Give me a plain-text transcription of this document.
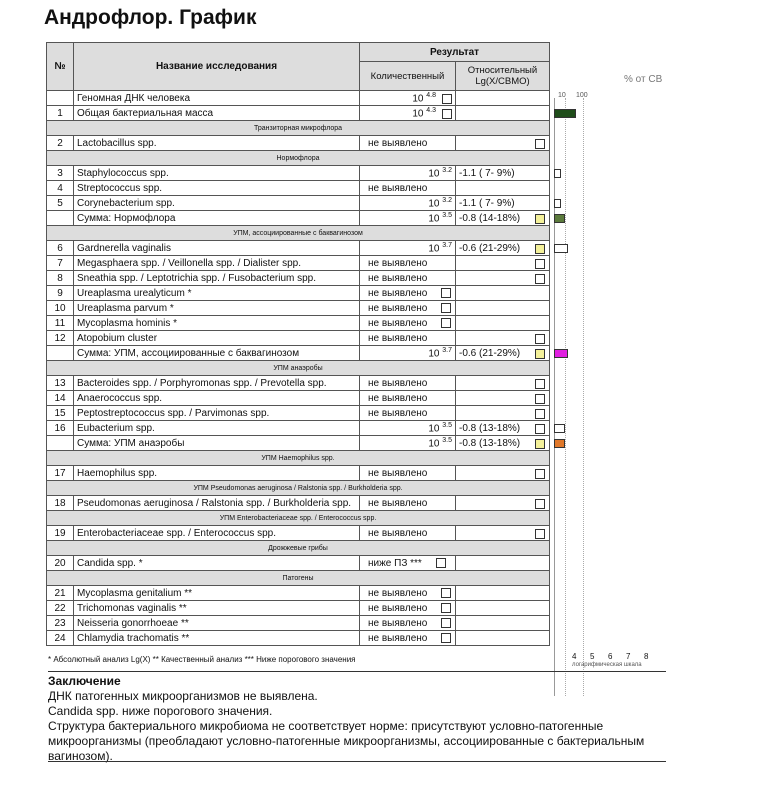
Андрофлор. График
№	Название исследования	Результат	
		Количественный	Относительный Lg(X/СВМО)
	Геномная ДНК человека	10 $^{4.8}$	
1	Общая бактериальная масса	10 $^{4.3}$	
Транзиторная микрофлора			
2	Lactobacillus spp.	не выявлено	

Нормофлора			
3	Staphylococcus spp.	10 $^{3.2}$	-1.1 ( 7- 9%)
4	Streptococcus spp.	не выявлено	
5	Corynebacterium spp.	10 $^{3.2}$	-1.1 ( 7- 9%)
	Сумма: Нормофлора	10 $^{3.5}$	-0.8 (14-18%)

УПМ, ассоциированные с баквагинозом			
6	Gardnerella vaginalis	10 $^{3.7}$	-0.6 (21-29%)

7	Megasphaera spp. / Veillonella spp. / Dialister spp.	не выявлено	

8	Sneathia spp. / Leptotrichia spp. / Fusobacterium spp.	не выявлено	

9	Ureaplasma urealyticum *	не выявлено	
10	Ureaplasma parvum *	не выявлено	
11	Mycoplasma hominis *	не выявлено	
12	Atopobium cluster	не выявлено	

	Сумма: УПМ, ассоциированные с баквагинозом	10 $^{3.7}$	-0.6 (21-29%)

УПМ анаэробы			
13	Bacteroides spp. / Porphyromonas spp. / Prevotella spp.	не выявлено	

14	Anaerococcus spp.	не выявлено	

15	Peptostreptococcus spp. / Parvimonas spp.	не выявлено	

16	Eubacterium spp.	10 $^{3.5}$	-0.8 (13-18%)

	Сумма: УПМ анаэробы	10 $^{3.5}$	-0.8 (13-18%)

УПМ Haemophilus spp.			
17	Haemophilus spp.	не выявлено	

УПМ Pseudomonas aeruginosa / Ralstonia spp. / Burkholderia spp.			
18	Pseudomonas aeruginosa / Ralstonia spp. / Burkholderia spp.	не выявлено	

УПМ Enterobacteriaceae spp. / Enterococcus spp.			
19	Enterobacteriaceae spp. / Enterococcus spp.	не выявлено	

Дрожжевые грибы			
20	Candida spp. *	ниже ПЗ ***	
Патогены			
21	Mycoplasma genitalium **	не выявлено	
22	Trichomonas vaginalis **	не выявлено	
23	Neisseria gonorrhoeae **	не выявлено	
24	Chlamydia trachomatis **	не выявлено	
% от СВ
10 100
логарифмическая шкала
4 5 6 7 8
* Абсолютный анализ Lg(X) ** Качественный анализ *** Ниже порогового значения
Заключение
ДНК патогенных микроорганизмов не выявлена.
Candida spp. ниже порогового значения.
Структура бактериального микробиома не соответствует норме: присутствуют условно-патогенные микроорганизмы (преобладают условно-патогенные микроорганизмы, ассоциированные с бактериальным вагинозом).
